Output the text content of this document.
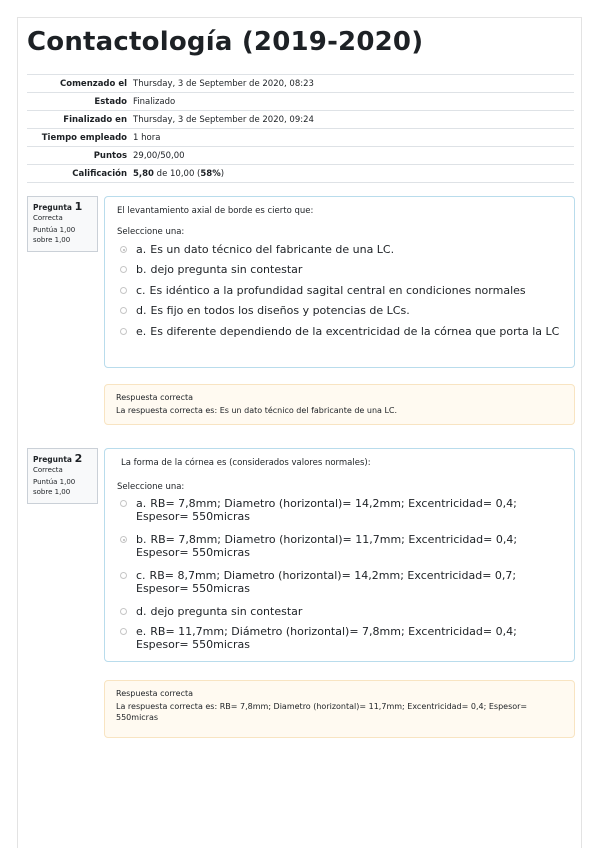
Contactología (2019-2020)
Comenzado el	Thursday, 3 de September de 2020, 08:23
Estado	Finalizado
Finalizado en	Thursday, 3 de September de 2020, 09:24
Tiempo empleado	1 hora
Puntos	29,00/50,00
Calificación	5,80 de 10,00 (58%)
Pregunta 1
Correcta
Puntúa 1,00 sobre 1,00
El levantamiento axial de borde es cierto que:
Seleccione una:
a. Es un dato técnico del fabricante de una LC.
b. dejo pregunta sin contestar
c. Es idéntico a la profundidad sagital central en condiciones normales
d. Es fijo en todos los diseños y potencias de LCs.
e. Es diferente dependiendo de la excentricidad de la córnea que porta la LC
Respuesta correcta
La respuesta correcta es: Es un dato técnico del fabricante de una LC.
Pregunta 2
Correcta
Puntúa 1,00 sobre 1,00
La forma de la córnea es (considerados valores normales):
Seleccione una:
a. RB= 7,8mm; Diametro (horizontal)= 14,2mm; Excentricidad= 0,4; Espesor= 550micras
b. RB= 7,8mm; Diametro (horizontal)= 11,7mm; Excentricidad= 0,4; Espesor= 550micras
c. RB= 8,7mm; Diametro (horizontal)= 14,2mm; Excentricidad= 0,7; Espesor= 550micras
d. dejo pregunta sin contestar
e. RB= 11,7mm; Diámetro (horizontal)= 7,8mm; Excentricidad= 0,4; Espesor= 550micras
Respuesta correcta
La respuesta correcta es: RB= 7,8mm; Diametro (horizontal)= 11,7mm; Excentricidad= 0,4; Espesor= 550micras
